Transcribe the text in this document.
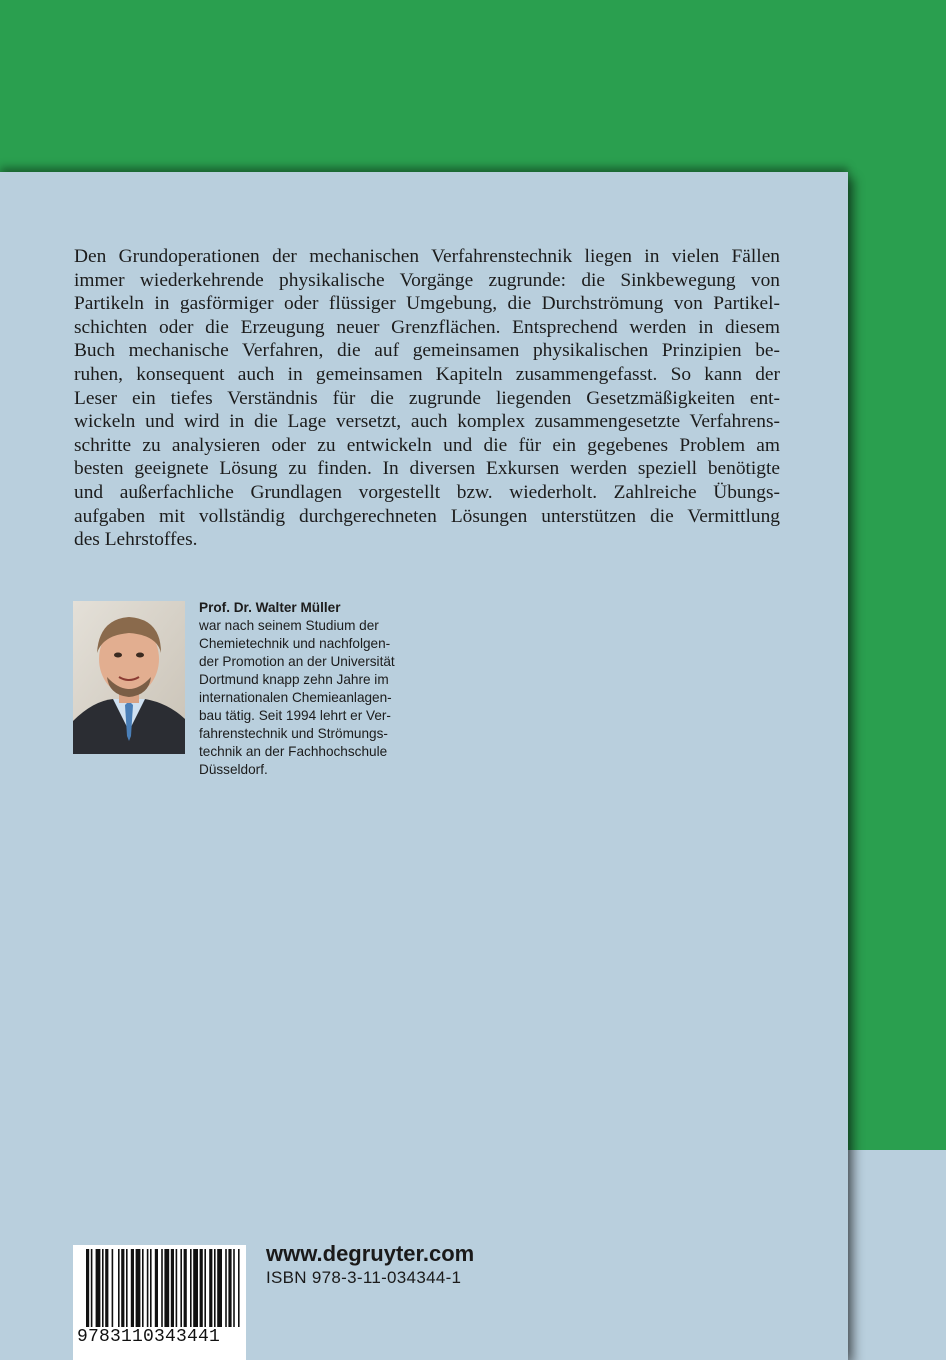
Den Grundoperationen der mechanischen Verfahrenstechnik liegen in vielen Fällen
immer wiederkehrende physikalische Vorgänge zugrunde: die Sinkbewegung von
Partikeln in gasförmiger oder flüssiger Umgebung, die Durchströmung von Partikel-
schichten oder die Erzeugung neuer Grenzflächen. Entsprechend werden in diesem
Buch mechanische Verfahren, die auf gemeinsamen physikalischen Prinzipien be-
ruhen, konsequent auch in gemeinsamen Kapiteln zusammengefasst. So kann der
Leser ein tiefes Verständnis für die zugrunde liegenden Gesetzmäßigkeiten ent-
wickeln und wird in die Lage versetzt, auch komplex zusammengesetzte Verfahrens-
schritte zu analysieren oder zu entwickeln und die für ein gegebenes Problem am
besten geeignete Lösung zu finden. In diversen Exkursen werden speziell benötigte
und außerfachliche Grundlagen vorgestellt bzw. wiederholt. Zahlreiche Übungs-
aufgaben mit vollständig durchgerechneten Lösungen unterstützen die Vermittlung
des Lehrstoffes.

Prof. Dr. Walter Müller
war nach seinem Studium der
Chemietechnik und nachfolgen-
der Promotion an der Universität
Dortmund knapp zehn Jahre im
internationalen Chemieanlagen-
bau tätig. Seit 1994 lehrt er Ver-
fahrenstechnik und Strömungs-
technik an der Fachhochschule
Düsseldorf.
9783110343441
www.degruyter.com
ISBN 978-3-11-034344-1
